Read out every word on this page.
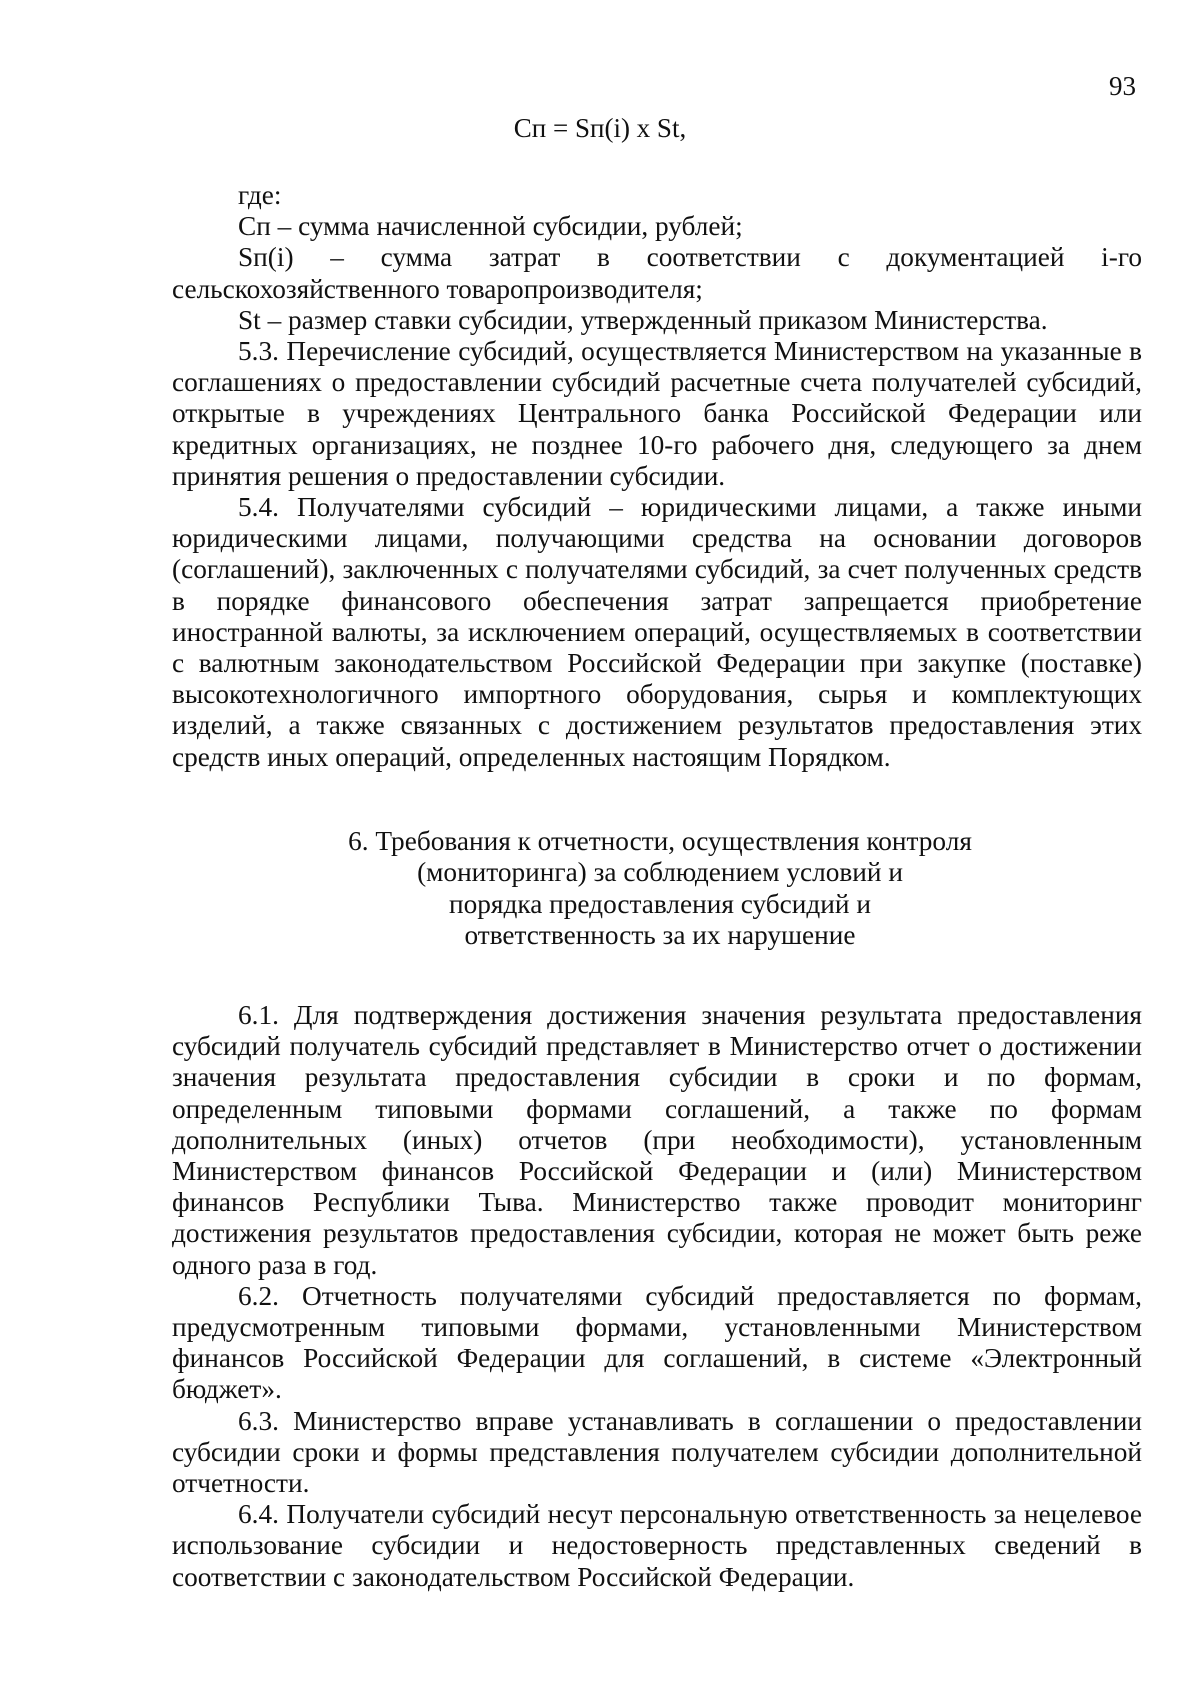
93
Сп = Sп(i) x St,

где:

Сп – сумма начисленной субсидии, рублей;

Sп(i) – сумма затрат в соответствии с документацией i-го сельскохозяйственного товаропроизводителя;

St – размер ставки субсидии, утвержденный приказом Министерства.

5.3. Перечисление субсидий, осуществляется Министерством на указанные в соглашениях о предоставлении субсидий расчетные счета получателей субсидий, открытые в учреждениях Центрального банка Российской Федерации или кредитных организациях, не позднее 10-го рабочего дня, следующего за днем принятия решения о предоставлении субсидии.

5.4. Получателями субсидий – юридическими лицами, а также иными юридическими лицами, получающими средства на основании договоров (соглашений), заключенных с получателями субсидий, за счет полученных средств в порядке финансового обеспечения затрат запрещается приобретение иностранной валюты, за исключением операций, осуществляемых в соответствии с валютным законодательством Российской Федерации при закупке (поставке) высокотехнологичного импортного оборудования, сырья и комплектующих изделий, а также связанных с достижением результатов предоставления этих средств иных операций, определенных настоящим Порядком.

6. Требования к отчетности, осуществления контроля
(мониторинга) за соблюдением условий и
порядка предоставления субсидий и
ответственность за их нарушение

6.1. Для подтверждения достижения значения результата предоставления субсидий получатель субсидий представляет в Министерство отчет о достижении значения результата предоставления субсидии в сроки и по формам, определенным типовыми формами соглашений, а также по формам дополнительных (иных) отчетов (при необходимости), установленным Министерством финансов Российской Федерации и (или) Министерством финансов Республики Тыва. Министерство также проводит мониторинг достижения результатов предоставления субсидии, которая не может быть реже одного раза в год.

6.2. Отчетность получателями субсидий предоставляется по формам, предусмотренным типовыми формами, установленными Министерством финансов Российской Федерации для соглашений, в системе «Электронный бюджет».

6.3. Министерство вправе устанавливать в соглашении о предоставлении субсидии сроки и формы представления получателем субсидии дополнительной отчетности.

6.4. Получатели субсидий несут персональную ответственность за нецелевое использование субсидии и недостоверность представленных сведений в соответствии с законодательством Российской Федерации.
